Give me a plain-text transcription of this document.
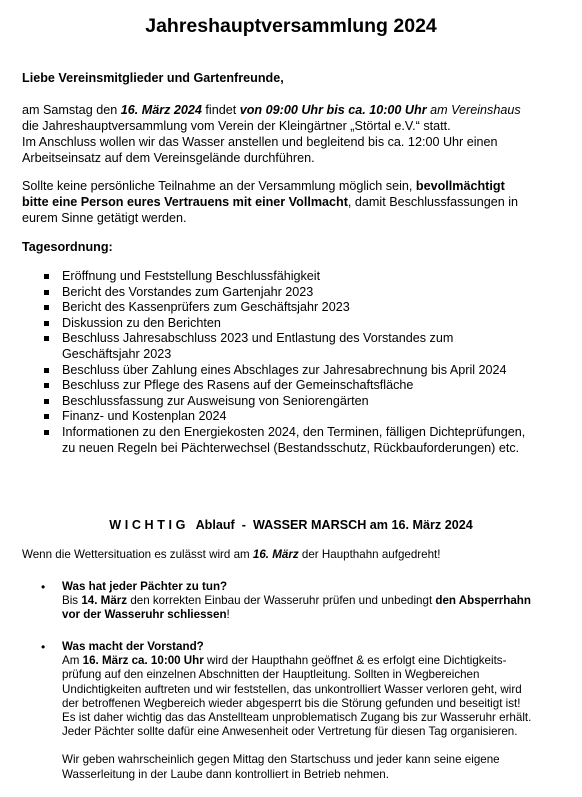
Jahreshauptversammlung 2024

Liebe Vereinsmitglieder und Gartenfreunde,

am Samstag den 16. März 2024 findet von 09:00 Uhr bis ca. 10:00 Uhr am Vereinshaus
die Jahreshauptversammlung vom Verein der Kleingärtner „Störtal e.V.“ statt.
Im Anschluss wollen wir das Wasser anstellen und begleitend bis ca. 12:00 Uhr einen
Arbeitseinsatz auf dem Vereinsgelände durchführen.

Sollte keine persönliche Teilnahme an der Versammlung möglich sein, bevollmächtigt
bitte eine Person eures Vertrauens mit einer Vollmacht, damit Beschlussfassungen in
eurem Sinne getätigt werden.

Tagesordnung:

Eröffnung und Feststellung Beschlussfähigkeit
Bericht des Vorstandes zum Gartenjahr 2023
Bericht des Kassenprüfers zum Geschäftsjahr 2023
Diskussion zu den Berichten
Beschluss Jahresabschluss 2023 und Entlastung des Vorstandes zum
Geschäftsjahr 2023
Beschluss über Zahlung eines Abschlages zur Jahresabrechnung bis April 2024
Beschluss zur Pflege des Rasens auf der Gemeinschaftsfläche
Beschlussfassung zur Ausweisung von Seniorengärten
Finanz- und Kostenplan 2024
Informationen zu den Energiekosten 2024, den Terminen, fälligen Dichteprüfungen,
zu neuen Regeln bei Pächterwechsel (Bestandsschutz, Rückbauforderungen) etc.
WICHTIG  Ablauf  -  WASSER MARSCH am 16. März 2024

Wenn die Wettersituation es zulässt wird am 16. März der Haupthahn aufgedreht!

• Was hat jeder Pächter zu tun?
Bis 14. März den korrekten Einbau der Wasseruhr prüfen und unbedingt den Absperrhahn
vor der Wasseruhr schliessen!
• Was macht der Vorstand?
Am 16. März ca. 10:00 Uhr wird der Haupthahn geöffnet & es erfolgt eine Dichtigkeits-
prüfung auf den einzelnen Abschnitten der Hauptleitung. Sollten in Wegbereichen
Undichtigkeiten auftreten und wir feststellen, das unkontrolliert Wasser verloren geht, wird
der betroffenen Wegbereich wieder abgesperrt bis die Störung gefunden und beseitigt ist!
Es ist daher wichtig das das Anstellteam unproblematisch Zugang bis zur Wasseruhr erhält.
Jeder Pächter sollte dafür eine Anwesenheit oder Vertretung für diesen Tag organisieren.
Wir geben wahrscheinlich gegen Mittag den Startschuss und jeder kann seine eigene
Wasserleitung in der Laube dann kontrolliert in Betrieb nehmen.
